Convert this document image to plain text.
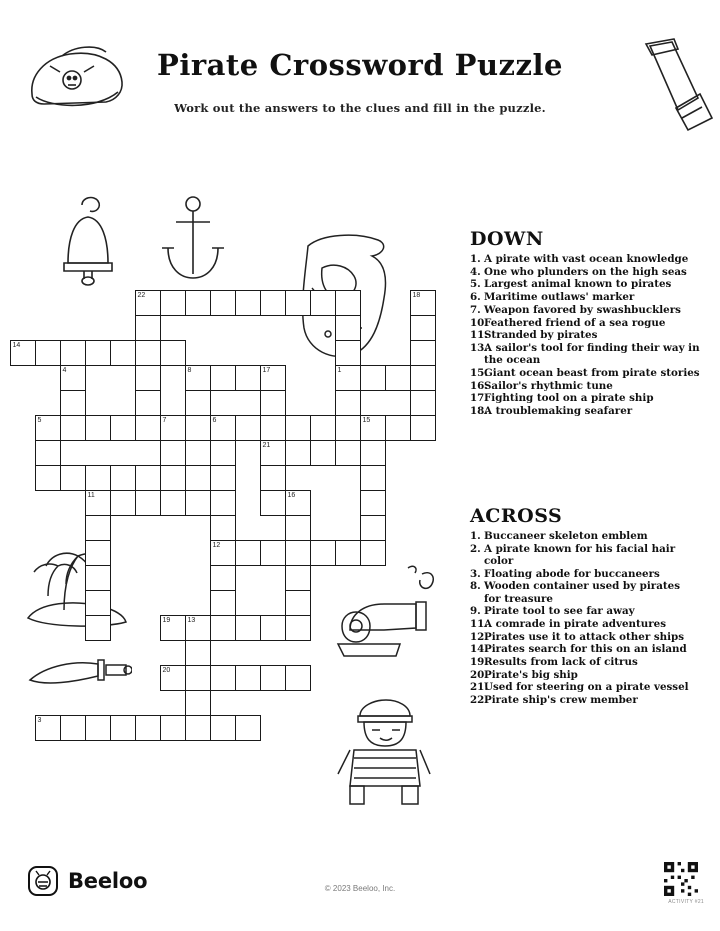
Pirate Crossword Puzzle
Work out the answers to the clues and fill in the puzzle.
22	18
14
4	8	17	1
5	7	6	15
21
11	16
12
19 13
20
3
DOWN
1. A pirate with vast ocean knowledge
4. One who plunders on the high seas
5. Largest animal known to pirates
6. Maritime outlaws' marker
7. Weapon favored by swashbucklers
10.Feathered friend of a sea rogue
11.Stranded by pirates
13.A sailor's tool for finding their way in the ocean
15.Giant ocean beast from pirate stories
16.Sailor's rhythmic tune
17.Fighting tool on a pirate ship
18.A troublemaking seafarer
ACROSS
1. Buccaneer skeleton emblem
2. A pirate known for his facial hair color
3. Floating abode for buccaneers
8. Wooden container used by pirates for treasure
9. Pirate tool to see far away
11.A comrade in pirate adventures
12.Pirates use it to attack other ships
14.Pirates search for this on an island
19.Results from lack of citrus
20.Pirate's big ship
21.Used for steering on a pirate vessel
22.Pirate ship's crew member
Beeloo	© 2023 Beeloo, Inc.
ACTIVITY #21
